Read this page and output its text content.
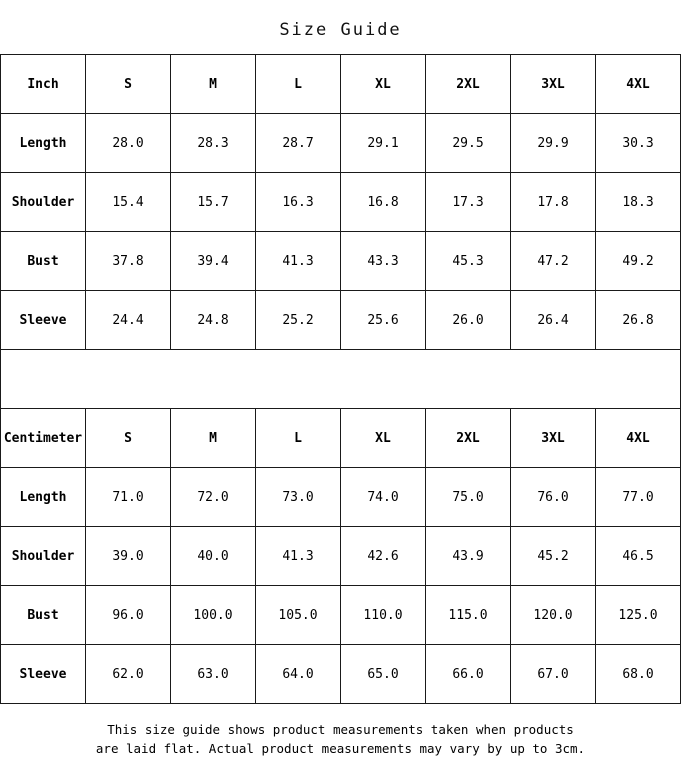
Size Guide
Inch	S	M	L	XL	2XL	3XL	4XL
Length	28.0	28.3	28.7	29.1	29.5	29.9	30.3
Shoulder	15.4	15.7	16.3	16.8	17.3	17.8	18.3
Bust	37.8	39.4	41.3	43.3	45.3	47.2	49.2
Sleeve	24.4	24.8	25.2	25.6	26.0	26.4	26.8
Centimeter	S	M	L	XL	2XL	3XL	4XL
Length	71.0	72.0	73.0	74.0	75.0	76.0	77.0
Shoulder	39.0	40.0	41.3	42.6	43.9	45.2	46.5
Bust	96.0	100.0	105.0	110.0	115.0	120.0	125.0
Sleeve	62.0	63.0	64.0	65.0	66.0	67.0	68.0
This size guide shows product measurements taken when products
are laid flat. Actual product measurements may vary by up to 3cm.
